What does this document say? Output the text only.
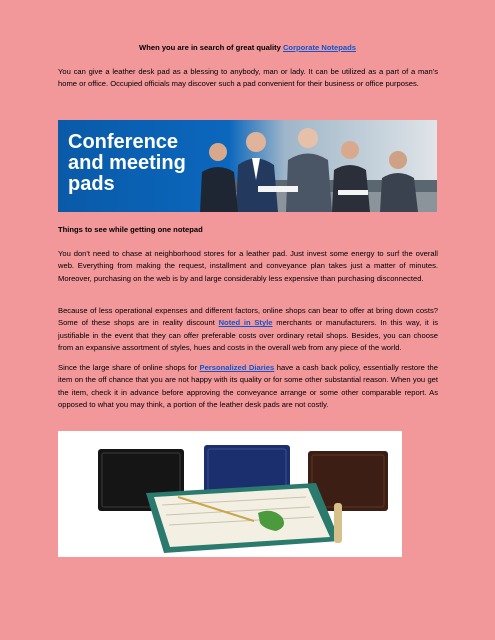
When you are in search of great quality Corporate Notepads

You can give a leather desk pad as a blessing to anybody, man or lady. It can be utilized as a part of a man's home or office. Occupied officials may discover such a pad convenient for their business or office purposes.

Conference
and meeting
pads

Things to see while getting one notepad

You don't need to chase at neighborhood stores for a leather pad. Just invest some energy to surf the overall web. Everything from making the request, installment and conveyance plan takes just a matter of minutes. Moreover, purchasing on the web is by and large considerably less expensive than purchasing disconnected.

Because of less operational expenses and different factors, online shops can bear to offer at bring down costs? Some of these shops are in reality discount Noted in Style merchants or manufacturers. In this way, it is justifiable in the event that they can offer preferable costs over ordinary retail shops. Besides, you can choose from an expansive assortment of styles, hues and costs in the overall web from any piece of the world.

Since the large share of online shops for Personalized Diaries have a cash back policy, essentially restore the item on the off chance that you are not happy with its quality or for some other substantial reason. When you get the item, check it in advance before approving the conveyance arrange or some other comparable report. As opposed to what you may think, a portion of the leather desk pads are not costly.
